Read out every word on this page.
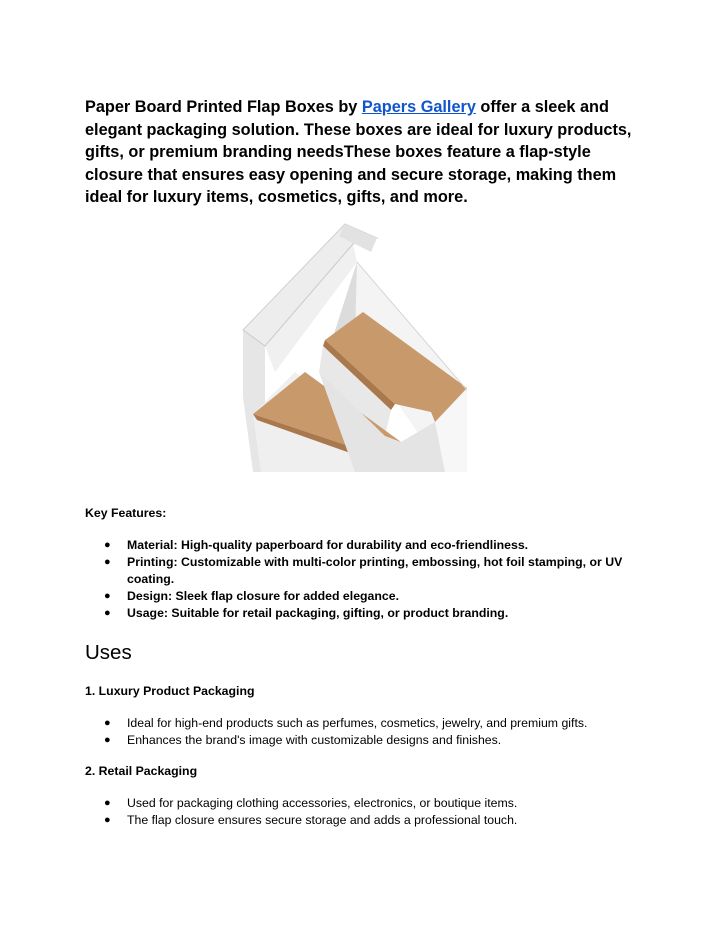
Paper Board Printed Flap Boxes by Papers Gallery offer a sleek and elegant packaging solution. These boxes are ideal for luxury products, gifts, or premium branding needsThese boxes feature a flap-style closure that ensures easy opening and secure storage, making them ideal for luxury items, cosmetics, gifts, and more.

Key Features:

● Material: High-quality paperboard for durability and eco-friendliness.
● Printing: Customizable with multi-color printing, embossing, hot foil stamping, or UV coating.
● Design: Sleek flap closure for added elegance.
● Usage: Suitable for retail packaging, gifting, or product branding.
Uses

1. Luxury Product Packaging

● Ideal for high-end products such as perfumes, cosmetics, jewelry, and premium gifts.
● Enhances the brand's image with customizable designs and finishes.

2. Retail Packaging

● Used for packaging clothing accessories, electronics, or boutique items.
● The flap closure ensures secure storage and adds a professional touch.
